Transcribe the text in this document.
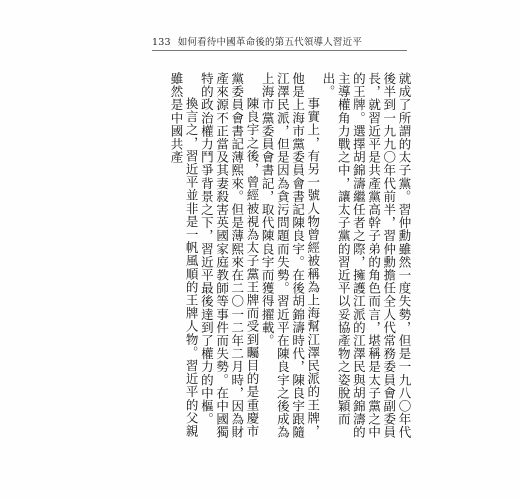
133 如何看待中國革命後的第五代領導人習近平

就成了所謂的太子黨。習仲勳雖然一度失勢，但是一九八〇年代後半到一九九〇年代前半，習仲勳擔任全人代常務委員會副委員長，就習近平是共產黨高幹子弟的角色而言，堪稱是太子黨之中的王牌。選擇胡錦濤繼任者之際，擁護江派的江澤民與胡錦濤的主導權角力戰之中，讓太子黨的習近平以妥協產物之姿脫穎而出。

事實上，有另一號人物曾經被稱為上海幫江澤民派的王牌，他是上海市黨委員會書記陳良宇。在後胡錦濤時代，陳良宇跟隨江澤民派，但是因為貪污問題而失勢。習近平在陳良宇之後成為上海市黨委員會書記，取代陳良宇而獲得擢載。

陳良宇之後，曾經被視為太子黨王牌而受到矚目的是重慶市黨委員會書記薄熙來。但是薄熙來在二〇一二年二月時，因為財產來源不正當及其妻殺害英國家庭教師等事件而失勢。在中國獨特的政治權力鬥爭背景之下，習近平最後達到了權力的中樞。

換言之，習近平並非是一帆風順的王牌人物。習近平的父親雖然是中國共產
